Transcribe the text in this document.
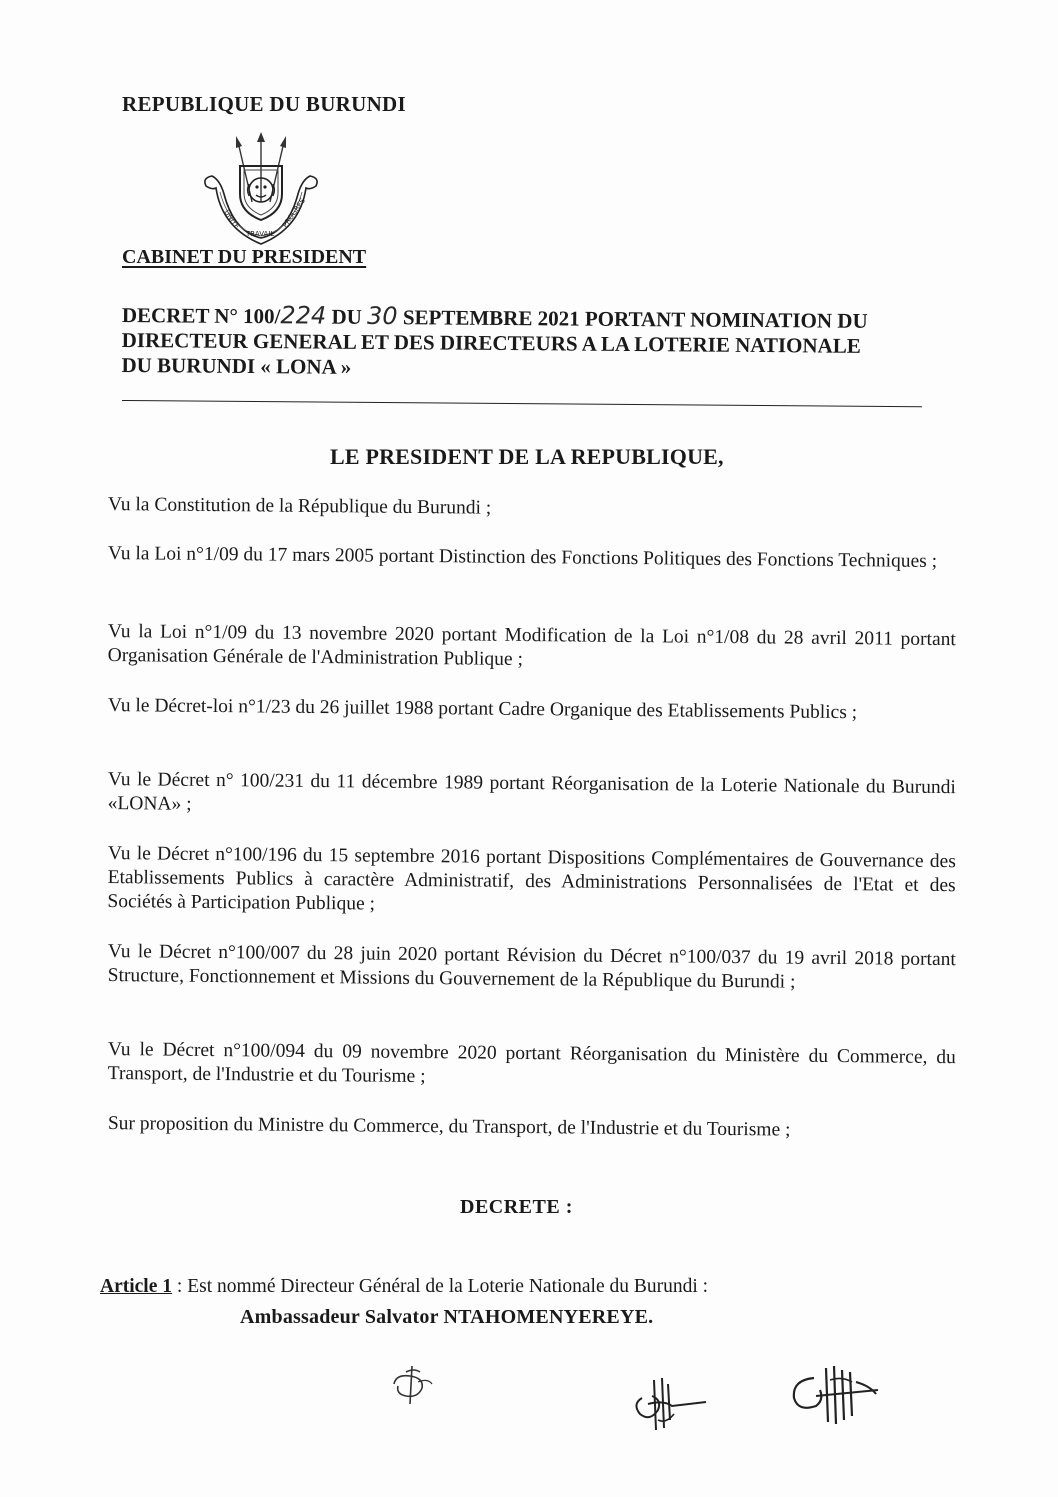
REPUBLIQUE DU BURUNDI
UNITE
TRAVAIL
PROGRES
CABINET DU PRESIDENT
DECRET N° 100/224 DU 30 SEPTEMBRE 2021 PORTANT NOMINATION DU
DIRECTEUR GENERAL ET DES DIRECTEURS A LA LOTERIE NATIONALE
DU BURUNDI « LONA »
LE PRESIDENT DE LA REPUBLIQUE,
Vu la Constitution de la République du Burundi ;
Vu la Loi n°1/09 du 17 mars 2005 portant Distinction des Fonctions Politiques des Fonctions Techniques ;
Vu la Loi n°1/09 du 13 novembre 2020 portant Modification de la Loi n°1/08 du 28 avril 2011 portant Organisation Générale de l'Administration Publique ;
Vu le Décret-loi n°1/23 du 26 juillet 1988 portant Cadre Organique des Etablissements Publics ;
Vu le Décret n° 100/231 du 11 décembre 1989 portant Réorganisation de la Loterie Nationale du Burundi «LONA» ;
Vu le Décret n°100/196 du 15 septembre 2016 portant Dispositions Complémentaires de Gouvernance des Etablissements Publics à caractère Administratif, des Administrations Personnalisées de l'Etat et des Sociétés à Participation Publique ;
Vu le Décret n°100/007 du 28 juin 2020 portant Révision du Décret n°100/037 du 19 avril 2018 portant Structure, Fonctionnement et Missions du Gouvernement de la République du Burundi ;
Vu le Décret n°100/094 du 09 novembre 2020 portant Réorganisation du Ministère du Commerce, du Transport, de l'Industrie et du Tourisme ;
Sur proposition du Ministre du Commerce, du Transport, de l'Industrie et du Tourisme ;
DECRETE :
Article 1 : Est nommé Directeur Général de la Loterie Nationale du Burundi :
Ambassadeur Salvator NTAHOMENYEREYE.
